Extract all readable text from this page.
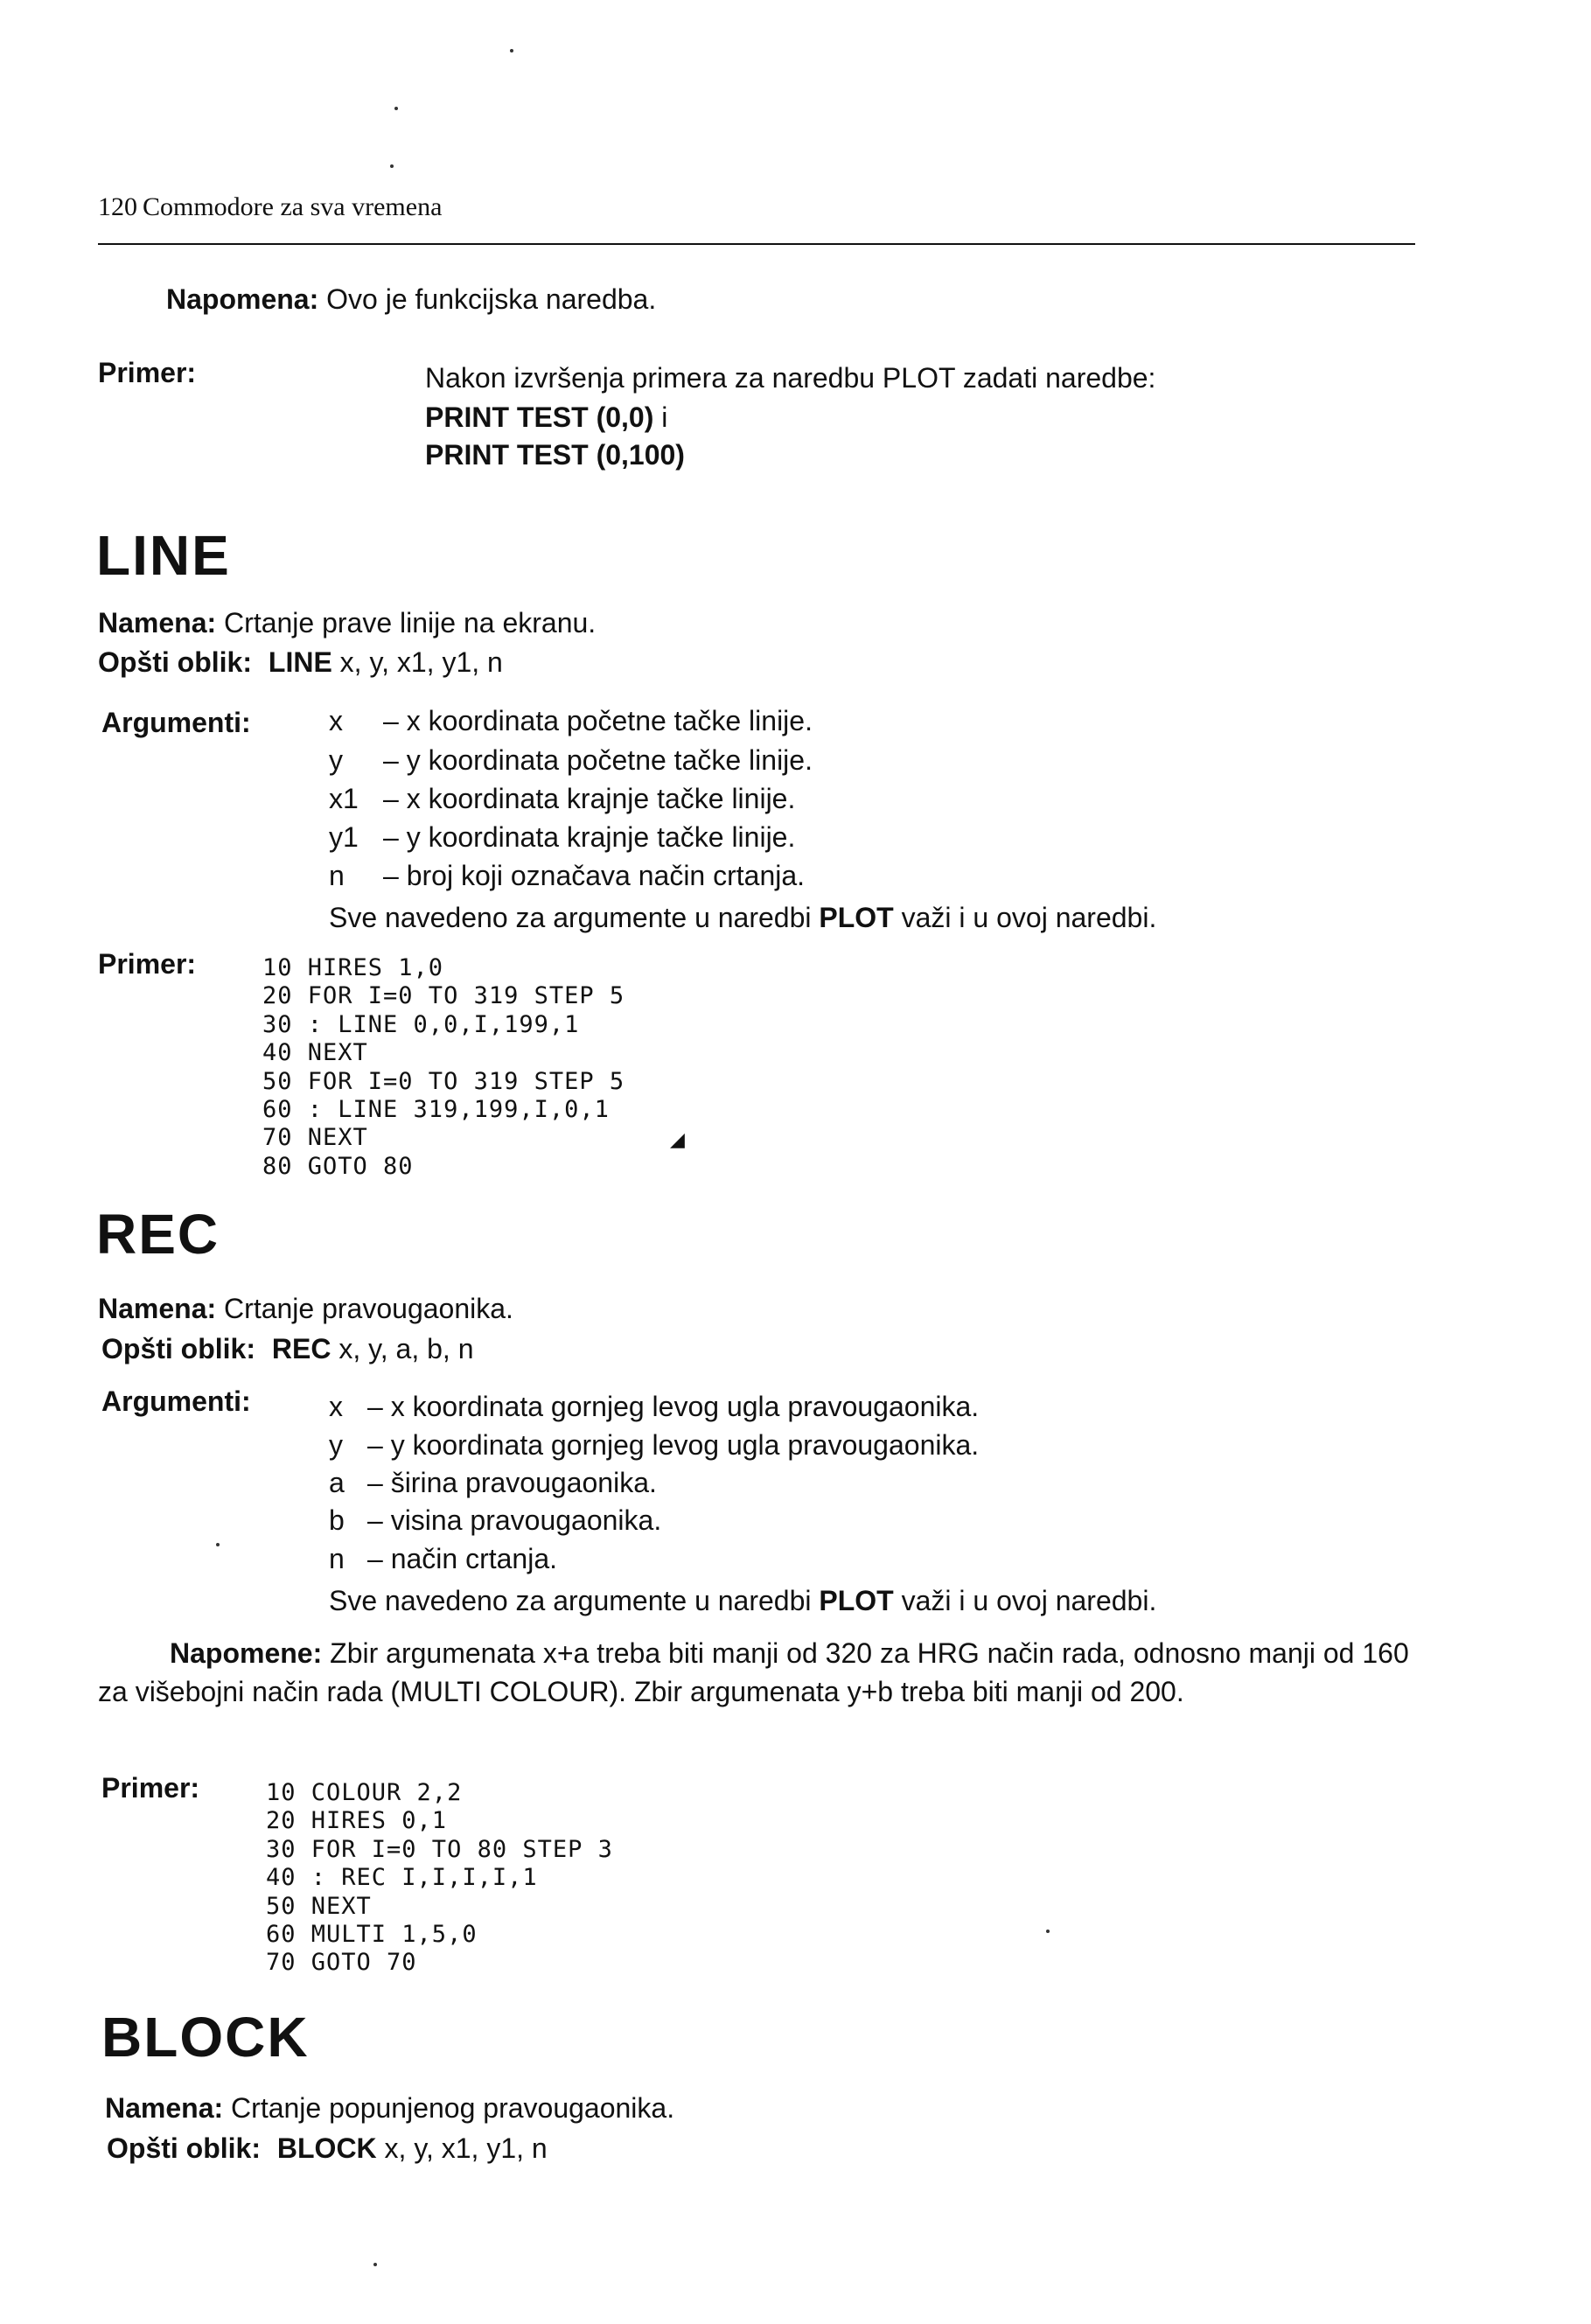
120 Commodore za sva vremena
Napomena: Ovo je funkcijska naredba.
Primer:	Nakon izvršenja primera za naredbu PLOT zadati naredbe:
PRINT TEST (0,0) i
PRINT TEST (0,100)
LINE
Namena: Crtanje prave linije na ekranu.
Opšti oblik: LINE x, y, x1, y1, n
Argumenti:	x – x koordinata početne tačke linije.
y – y koordinata početne tačke linije.
x1 – x koordinata krajnje tačke linije.
y1 – y koordinata krajnje tačke linije.
n – broj koji označava način crtanja.
Sve navedeno za argumente u naredbi PLOT važi i u ovoj naredbi.
Primer:	10 HIRES 1,0
20 FOR I=0 TO 319 STEP 5
30 : LINE 0,0,I,199,1
40 NEXT
50 FOR I=0 TO 319 STEP 5
60 : LINE 319,199,I,0,1
70 NEXT
80 GOTO 80
◢
REC
Namena: Crtanje pravougaonika.
Opšti oblik: REC x, y, a, b, n
Argumenti:	x – x koordinata gornjeg levog ugla pravougaonika.
y – y koordinata gornjeg levog ugla pravougaonika.
a – širina pravougaonika.
b – visina pravougaonika.
n – način crtanja.
Sve navedeno za argumente u naredbi PLOT važi i u ovoj naredbi.
Napomene: Zbir argumenata x+a treba biti manji od 320 za HRG način rada, odnosno manji od 160 za višebojni način rada (MULTI COLOUR). Zbir argumenata y+b treba biti manji od 200.
Primer:	10 COLOUR 2,2
20 HIRES 0,1
30 FOR I=0 TO 80 STEP 3
40 : REC I,I,I,I,1
50 NEXT
60 MULTI 1,5,0
70 GOTO 70
BLOCK
Namena: Crtanje popunjenog pravougaonika.
Opšti oblik: BLOCK x, y, x1, y1, n
